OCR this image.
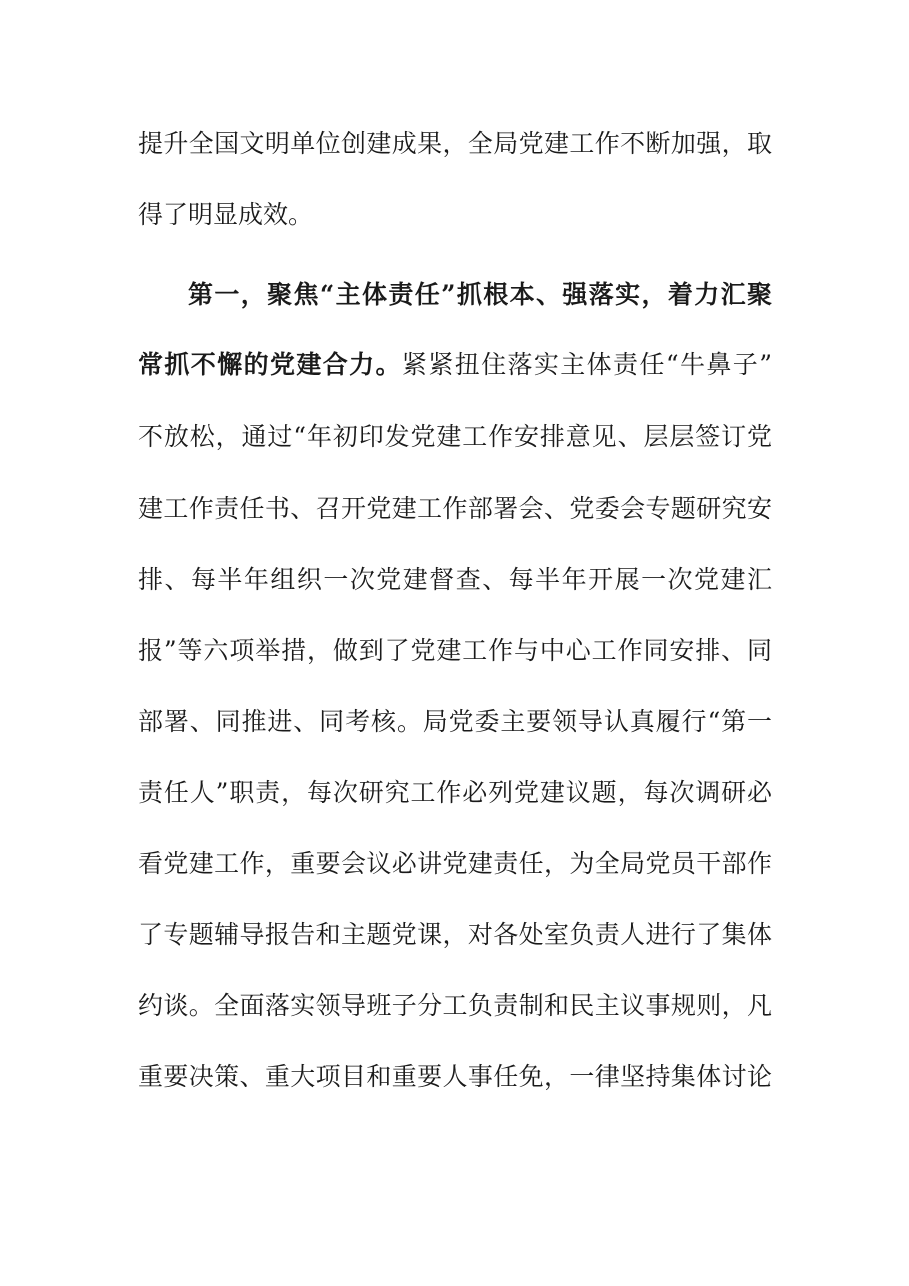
提升全国文明单位创建成果，全局党建工作不断加强，取
得了明显成效。
第一，聚焦“主体责任”抓根本、强落实，着力汇聚
常抓不懈的党建合力。紧紧扭住落实主体责任“牛鼻子”
不放松，通过“年初印发党建工作安排意见、层层签订党
建工作责任书、召开党建工作部署会、党委会专题研究安
排、每半年组织一次党建督查、每半年开展一次党建汇
报”等六项举措，做到了党建工作与中心工作同安排、同
部署、同推进、同考核。局党委主要领导认真履行“第一
责任人”职责，每次研究工作必列党建议题，每次调研必
看党建工作，重要会议必讲党建责任，为全局党员干部作
了专题辅导报告和主题党课，对各处室负责人进行了集体
约谈。全面落实领导班子分工负责制和民主议事规则，凡
重要决策、重大项目和重要人事任免，一律坚持集体讨论
